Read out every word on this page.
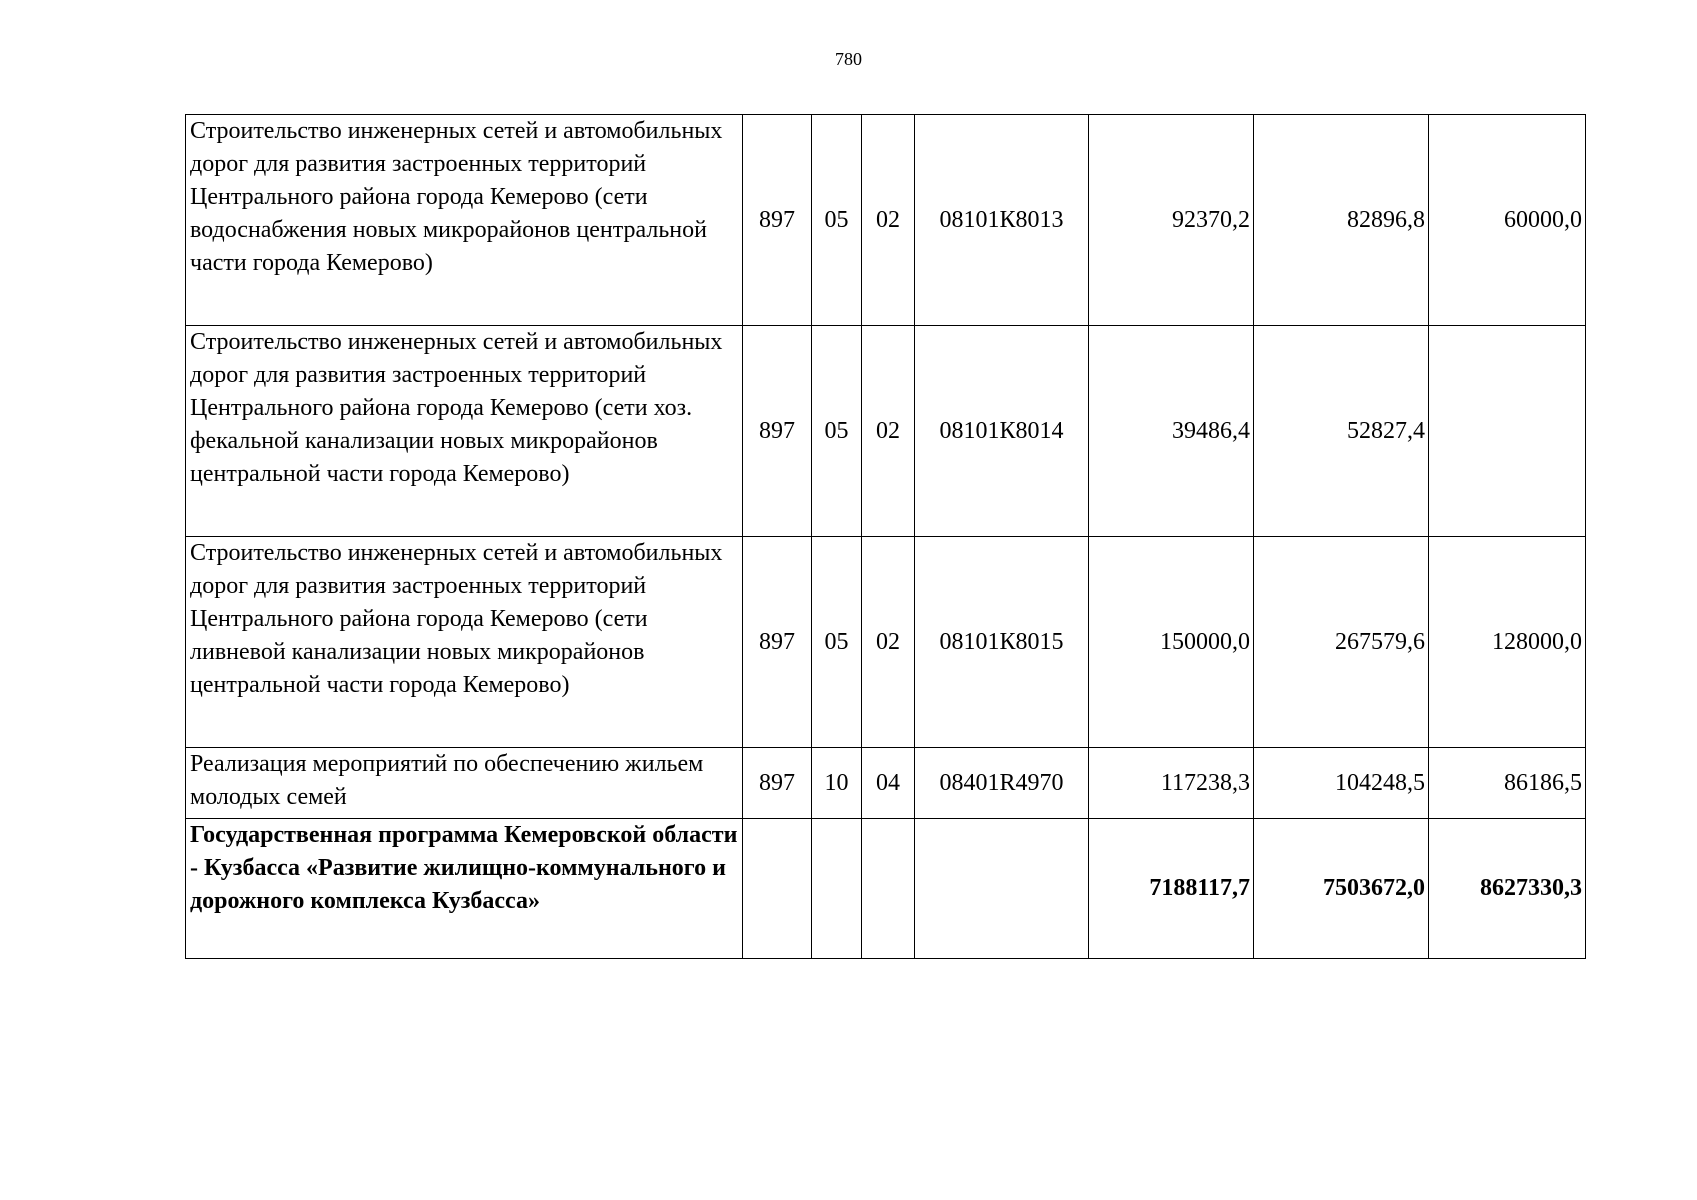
780
Строительство инженерных сетей и автомобильных дорог для развития застроенных территорий Центрального района города Кемерово (сети водоснабжения новых микрорайонов центральной части города Кемерово)	897	05	02	08101К8013	92370,2	82896,8	60000,0
Строительство инженерных сетей и автомобильных дорог для развития застроенных территорий Центрального района города Кемерово (сети хоз. фекальной канализации новых микрорайонов центральной части города Кемерово)	897	05	02	08101К8014	39486,4	52827,4	
Строительство инженерных сетей и автомобильных дорог для развития застроенных территорий Центрального района города Кемерово (сети ливневой канализации новых микрорайонов центральной части города Кемерово)	897	05	02	08101К8015	150000,0	267579,6	128000,0
Реализация мероприятий по обеспечению жильем молодых семей	897	10	04	08401R4970	117238,3	104248,5	86186,5
Государственная программа Кемеровской области - Кузбасса «Развитие жилищно-коммунального и дорожного комплекса Кузбасса»					7188117,7	7503672,0	8627330,3
